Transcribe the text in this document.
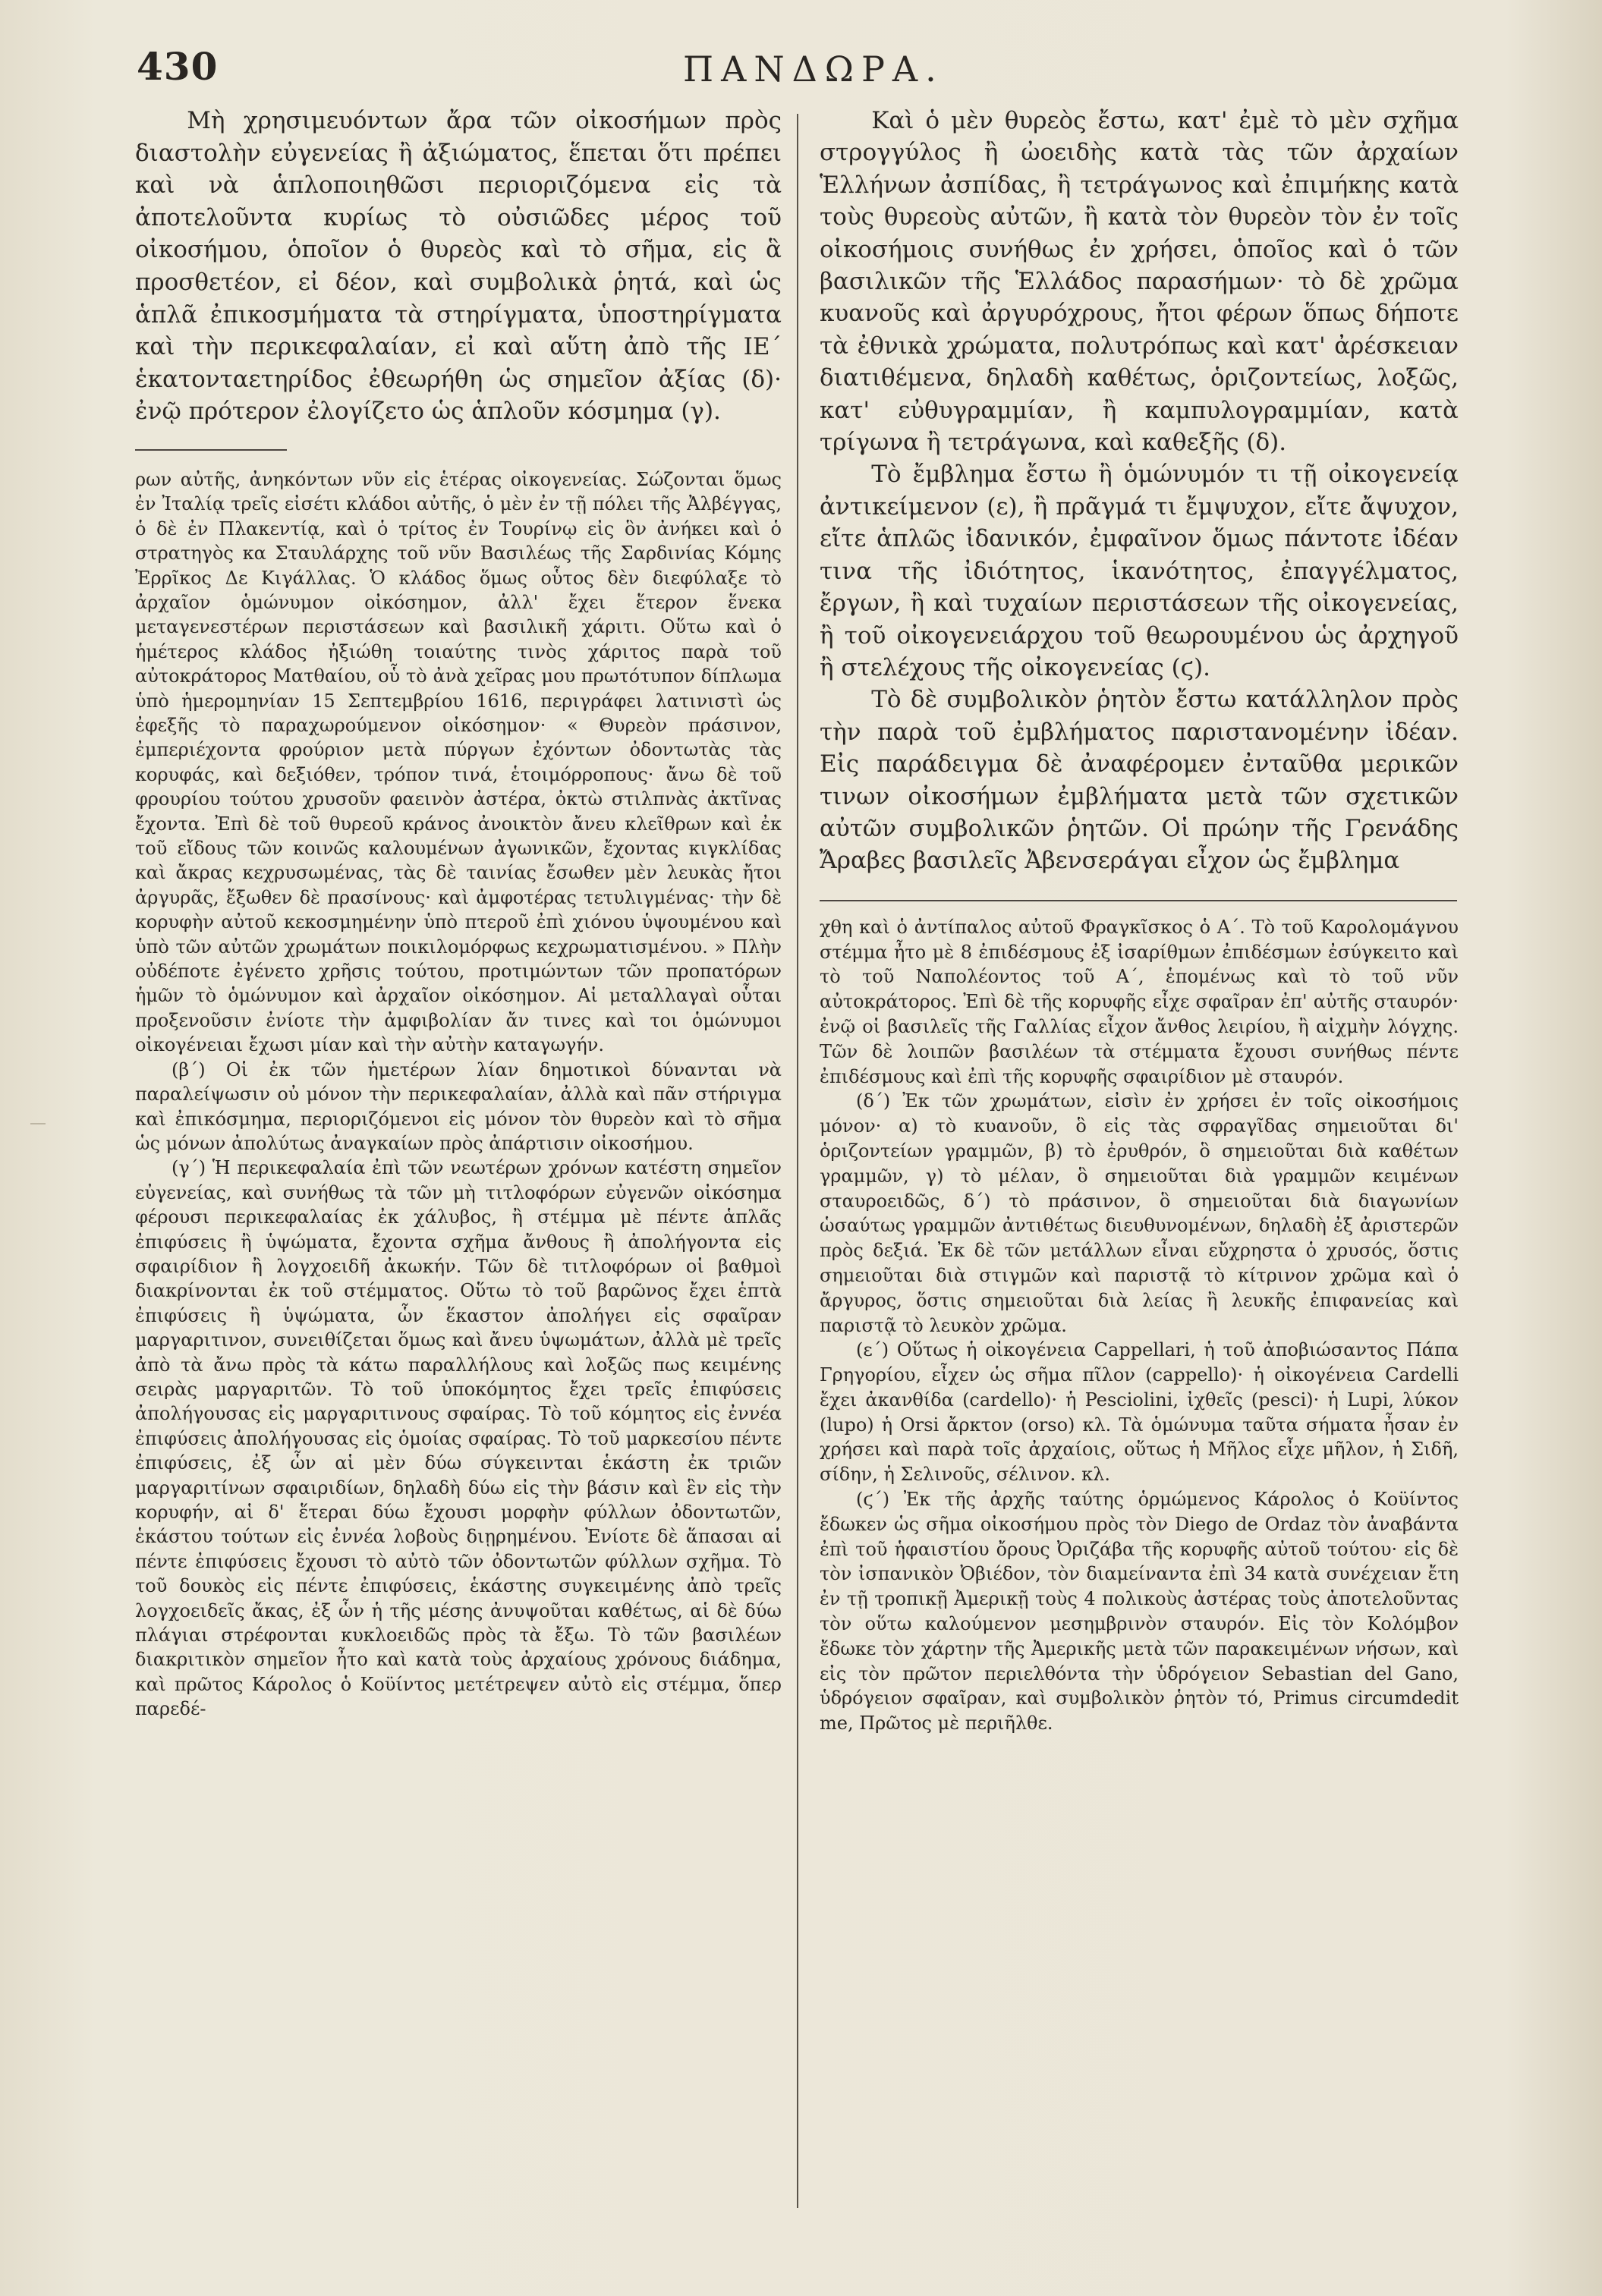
430	ΠΑΝΔΩΡΑ.

Μὴ χρησιμευόντων ἄρα τῶν οἰκοσήμων πρὸς διαστολὴν εὐγενείας ἢ ἀξιώματος, ἕπεται ὅτι πρέπει καὶ νὰ ἁπλοποιηθῶσι περιοριζόμενα εἰς τὰ ἀποτελοῦντα κυρίως τὸ οὐσιῶδες μέρος τοῦ οἰκοσήμου, ὁποῖον ὁ θυρεὸς καὶ τὸ σῆμα, εἰς ἃ προσθετέον, εἰ δέον, καὶ συμβολικὰ ῥητά, καὶ ὡς ἁπλᾶ ἐπικοσμήματα τὰ στηρίγματα, ὑποστηρίγματα καὶ τὴν περικεφαλαίαν, εἰ καὶ αὕτη ἀπὸ τῆς ΙΕ΄ ἑκατονταετηρίδος ἐθεωρήθη ὡς σημεῖον ἀξίας (δ)· ἐνῷ πρότερον ἐλογίζετο ὡς ἁπλοῦν κόσμημα (γ).

ρων αὐτῆς, ἀνηκόντων νῦν εἰς ἑτέρας οἰκογενείας. Σώζονται ὅμως ἐν Ἰταλίᾳ τρεῖς εἰσέτι κλάδοι αὐτῆς, ὁ μὲν ἐν τῇ πόλει τῆς Ἀλβέγγας, ὁ δὲ ἐν Πλακεντίᾳ, καὶ ὁ τρίτος ἐν Τουρίνῳ εἰς ὃν ἀνήκει καὶ ὁ στρατηγὸς κα Σταυλάρχης τοῦ νῦν Βασιλέως τῆς Σαρδινίας Κόμης Ἐρρῖκος Δε Κιγάλλας. Ὁ κλάδος ὅμως οὗτος δὲν διεφύλαξε τὸ ἀρχαῖον ὁμώνυμον οἰκόσημον, ἀλλ' ἔχει ἕτερον ἕνεκα μεταγενεστέρων περιστάσεων καὶ βασιλικῆ χάριτι. Οὕτω καὶ ὁ ἡμέτερος κλάδος ἠξιώθη τοιαύτης τινὸς χάριτος παρὰ τοῦ αὐτοκράτορος Ματθαίου, οὗ τὸ ἀνὰ χεῖρας μου πρωτότυπον δίπλωμα ὑπὸ ἡμερομηνίαν 15 Σεπτεμβρίου 1616, περιγράφει λατινιστὶ ὡς ἐφεξῆς τὸ παραχωρούμενον οἰκόσημον· « Θυρεὸν πράσινον, ἐμπεριέχοντα φρούριον μετὰ πύργων ἐχόντων ὀδοντωτὰς τὰς κορυφάς, καὶ δεξιόθεν, τρόπον τινά, ἑτοιμόρροπους· ἄνω δὲ τοῦ φρουρίου τούτου χρυσοῦν φαεινὸν ἀστέρα, ὀκτὼ στιλπνὰς ἀκτῖνας ἔχοντα. Ἐπὶ δὲ τοῦ θυρεοῦ κράνος ἀνοικτὸν ἄνευ κλεῖθρων καὶ ἐκ τοῦ εἴδους τῶν κοινῶς καλουμένων ἀγωνικῶν, ἔχοντας κιγκλίδας καὶ ἄκρας κεχρυσωμένας, τὰς δὲ ταινίας ἔσωθεν μὲν λευκὰς ἤτοι ἀργυρᾶς, ἔξωθεν δὲ πρασίνους· καὶ ἀμφοτέρας τετυλιγμένας· τὴν δὲ κορυφὴν αὐτοῦ κεκοσμημένην ὑπὸ πτεροῦ ἐπὶ χιόνου ὑψουμένου καὶ ὑπὸ τῶν αὐτῶν χρωμάτων ποικιλομόρφως κεχρωματισμένου. » Πλὴν οὐδέποτε ἐγένετο χρῆσις τούτου, προτιμώντων τῶν προπατόρων ἡμῶν τὸ ὁμώνυμον καὶ ἀρχαῖον οἰκόσημον. Αἱ μεταλλαγαὶ οὗται προξενοῦσιν ἐνίοτε τὴν ἀμφιβολίαν ἄν τινες καὶ τοι ὁμώνυμοι οἰκογένειαι ἔχωσι μίαν καὶ τὴν αὐτὴν καταγωγήν.

(β΄) Οἱ ἐκ τῶν ἡμετέρων λίαν δημοτικοὶ δύνανται νὰ παραλείψωσιν οὐ μόνον τὴν περικεφαλαίαν, ἀλλὰ καὶ πᾶν στήριγμα καὶ ἐπικόσμημα, περιοριζόμενοι εἰς μόνον τὸν θυρεὸν καὶ τὸ σῆμα ὡς μόνων ἀπολύτως ἀναγκαίων πρὸς ἀπάρτισιν οἰκοσήμου.

(γ΄) Ἡ περικεφαλαία ἐπὶ τῶν νεωτέρων χρόνων κατέστη σημεῖον εὐγενείας, καὶ συνήθως τὰ τῶν μὴ τιτλοφόρων εὐγενῶν οἰκόσημα φέρουσι περικεφαλαίας ἐκ χάλυβος, ἢ στέμμα μὲ πέντε ἁπλᾶς ἐπιφύσεις ἢ ὑψώματα, ἔχοντα σχῆμα ἄνθους ἢ ἀπολήγοντα εἰς σφαιρίδιον ἢ λογχοειδῆ ἀκωκήν. Τῶν δὲ τιτλοφόρων οἱ βαθμοὶ διακρίνονται ἐκ τοῦ στέμματος. Οὕτω τὸ τοῦ βαρῶνος ἔχει ἑπτὰ ἐπιφύσεις ἢ ὑψώματα, ὧν ἕκαστον ἀπολήγει εἰς σφαῖραν μαργαριτινον, συνειθίζεται ὅμως καὶ ἄνευ ὑψωμάτων, ἀλλὰ μὲ τρεῖς ἀπὸ τὰ ἄνω πρὸς τὰ κάτω παραλλήλους καὶ λοξῶς πως κειμένης σειρὰς μαργαριτῶν. Τὸ τοῦ ὑποκόμητος ἔχει τρεῖς ἐπιφύσεις ἀπολήγουσας εἰς μαργαριτινους σφαίρας. Τὸ τοῦ κόμητος εἰς ἐννέα ἐπιφύσεις ἀπολήγουσας εἰς ὁμοίας σφαίρας. Τὸ τοῦ μαρκεσίου πέντε ἐπιφύσεις, ἐξ ὧν αἱ μὲν δύω σύγκεινται ἑκάστη ἐκ τριῶν μαργαριτίνων σφαιριδίων, δηλαδὴ δύω εἰς τὴν βάσιν καὶ ἓν εἰς τὴν κορυφήν, αἱ δ' ἕτεραι δύω ἔχουσι μορφὴν φύλλων ὀδοντωτῶν, ἑκάστου τούτων εἰς ἐννέα λοβοὺς διῃρημένου. Ἐνίοτε δὲ ἅπασαι αἱ πέντε ἐπιφύσεις ἔχουσι τὸ αὐτὸ τῶν ὀδοντωτῶν φύλλων σχῆμα. Τὸ τοῦ δουκὸς εἰς πέντε ἐπιφύσεις, ἑκάστης συγκειμένης ἀπὸ τρεῖς λογχοειδεῖς ἄκας, ἐξ ὧν ἡ τῆς μέσης ἀνυψοῦται καθέτως, αἱ δὲ δύω πλάγιαι στρέφονται κυκλοειδῶς πρὸς τὰ ἔξω. Τὸ τῶν βασιλέων διακριτικὸν σημεῖον ἦτο καὶ κατὰ τοὺς ἀρχαίους χρόνους διάδημα, καὶ πρῶτος Κάρολος ὁ Κοϋίντος μετέτρεψεν αὐτὸ εἰς στέμμα, ὅπερ παρεδέ-

Καὶ ὁ μὲν θυρεὸς ἔστω, κατ' ἐμὲ τὸ μὲν σχῆμα στρογγύλος ἢ ὠοειδὴς κατὰ τὰς τῶν ἀρχαίων Ἑλλήνων ἀσπίδας, ἢ τετράγωνος καὶ ἐπιμήκης κατὰ τοὺς θυρεοὺς αὐτῶν, ἢ κατὰ τὸν θυρεὸν τὸν ἐν τοῖς οἰκοσήμοις συνήθως ἐν χρήσει, ὁποῖος καὶ ὁ τῶν βασιλικῶν τῆς Ἑλλάδος παρασήμων· τὸ δὲ χρῶμα κυανοῦς καὶ ἀργυρόχρους, ἤτοι φέρων ὅπως δήποτε τὰ ἐθνικὰ χρώματα, πολυτρόπως καὶ κατ' ἀρέσκειαν διατιθέμενα, δηλαδὴ καθέτως, ὁριζοντείως, λοξῶς, κατ' εὐθυγραμμίαν, ἢ καμπυλογραμμίαν, κατὰ τρίγωνα ἢ τετράγωνα, καὶ καθεξῆς (δ).

Τὸ ἔμβλημα ἔστω ἢ ὁμώνυμόν τι τῇ οἰκογενείᾳ ἀντικείμενον (ε), ἢ πρᾶγμά τι ἔμψυχον, εἴτε ἄψυχον, εἴτε ἁπλῶς ἰδανικόν, ἐμφαῖνον ὅμως πάντοτε ἰδέαν τινα τῆς ἰδιότητος, ἱκανότητος, ἐπαγγέλματος, ἔργων, ἢ καὶ τυχαίων περιστάσεων τῆς οἰκογενείας, ἢ τοῦ οἰκογενειάρχου τοῦ θεωρουμένου ὡς ἀρχηγοῦ ἢ στελέχους τῆς οἰκογενείας (ϛ).

Τὸ δὲ συμβολικὸν ῥητὸν ἔστω κατάλληλον πρὸς τὴν παρὰ τοῦ ἐμβλήματος παριστανομένην ἰδέαν. Εἰς παράδειγμα δὲ ἀναφέρομεν ἐνταῦθα μερικῶν τινων οἰκοσήμων ἐμβλήματα μετὰ τῶν σχετικῶν αὐτῶν συμβολικῶν ῥητῶν. Οἱ πρώην τῆς Γρενάδης Ἄραβες βασιλεῖς Ἀβενσεράγαι εἶχον ὡς ἔμβλημα

χθη καὶ ὁ ἀντίπαλος αὐτοῦ Φραγκῖσκος ὁ Α΄. Τὸ τοῦ Καρολομάγνου στέμμα ἦτο μὲ 8 ἐπιδέσμους ἐξ ἰσαρίθμων ἐπιδέσμων ἐσύγκειτο καὶ τὸ τοῦ Ναπολέοντος τοῦ Α΄, ἑπομένως καὶ τὸ τοῦ νῦν αὐτοκράτορος. Ἐπὶ δὲ τῆς κορυφῆς εἶχε σφαῖραν ἐπ' αὐτῆς σταυρόν· ἐνῷ οἱ βασιλεῖς τῆς Γαλλίας εἶχον ἄνθος λειρίου, ἢ αἰχμὴν λόγχης. Τῶν δὲ λοιπῶν βασιλέων τὰ στέμματα ἔχουσι συνήθως πέντε ἐπιδέσμους καὶ ἐπὶ τῆς κορυφῆς σφαιρίδιον μὲ σταυρόν.

(δ΄) Ἐκ τῶν χρωμάτων, εἰσὶν ἐν χρήσει ἐν τοῖς οἰκοσήμοις μόνον· α) τὸ κυανοῦν, ὃ εἰς τὰς σφραγῖδας σημειοῦται δι' ὁριζοντείων γραμμῶν, β) τὸ ἐρυθρόν, ὃ σημειοῦται διὰ καθέτων γραμμῶν, γ) τὸ μέλαν, ὃ σημειοῦται διὰ γραμμῶν κειμένων σταυροειδῶς, δ΄) τὸ πράσινον, ὃ σημειοῦται διὰ διαγωνίων ὡσαύτως γραμμῶν ἀντιθέτως διευθυνομένων, δηλαδὴ ἐξ ἀριστερῶν πρὸς δεξιά. Ἐκ δὲ τῶν μετάλλων εἶναι εὔχρηστα ὁ χρυσός, ὅστις σημειοῦται διὰ στιγμῶν καὶ παριστᾷ τὸ κίτρινον χρῶμα καὶ ὁ ἄργυρος, ὅστις σημειοῦται διὰ λείας ἢ λευκῆς ἐπιφανείας καὶ παριστᾷ τὸ λευκὸν χρῶμα.

(ε΄) Οὕτως ἡ οἰκογένεια Cappellari, ἡ τοῦ ἀποβιώσαντος Πάπα Γρηγορίου, εἶχεν ὡς σῆμα πῖλον (cappello)· ἡ οἰκογένεια Cardelli ἔχει ἀκανθίδα (cardello)· ἡ Pesciolini, ἰχθεῖς (pesci)· ἡ Lupi, λύκον (lupo) ἡ Orsi ἄρκτον (orso) κλ. Τὰ ὁμώνυμα ταῦτα σήματα ἦσαν ἐν χρήσει καὶ παρὰ τοῖς ἀρχαίοις, οὕτως ἡ Μῆλος εἶχε μῆλον, ἡ Σιδῆ, σίδην, ἡ Σελινοῦς, σέλινον. κλ.

(ϛ΄) Ἐκ τῆς ἀρχῆς ταύτης ὁρμώμενος Κάρολος ὁ Κοϋίντος ἔδωκεν ὡς σῆμα οἰκοσήμου πρὸς τὸν Diego de Ordaz τὸν ἀναβάντα ἐπὶ τοῦ ἡφαιστίου ὄρους Ὀριζάβα τῆς κορυφῆς αὐτοῦ τούτου· εἰς δὲ τὸν ἰσπανικὸν Ὀβιέδον, τὸν διαμείναντα ἐπὶ 34 κατὰ συνέχειαν ἔτη ἐν τῇ τροπικῇ Ἀμερικῇ τοὺς 4 πολικοὺς ἀστέρας τοὺς ἀποτελοῦντας τὸν οὕτω καλούμενον μεσημβρινὸν σταυρόν. Εἰς τὸν Κολόμβον ἔδωκε τὸν χάρτην τῆς Ἀμερικῆς μετὰ τῶν παρακειμένων νήσων, καὶ εἰς τὸν πρῶτον περιελθόντα τὴν ὑδρόγειον Sebastian del Gano, ὑδρόγειον σφαῖραν, καὶ συμβολικὸν ῥητὸν τό, Primus circumdedit me, Πρῶτος μὲ περιῆλθε.
